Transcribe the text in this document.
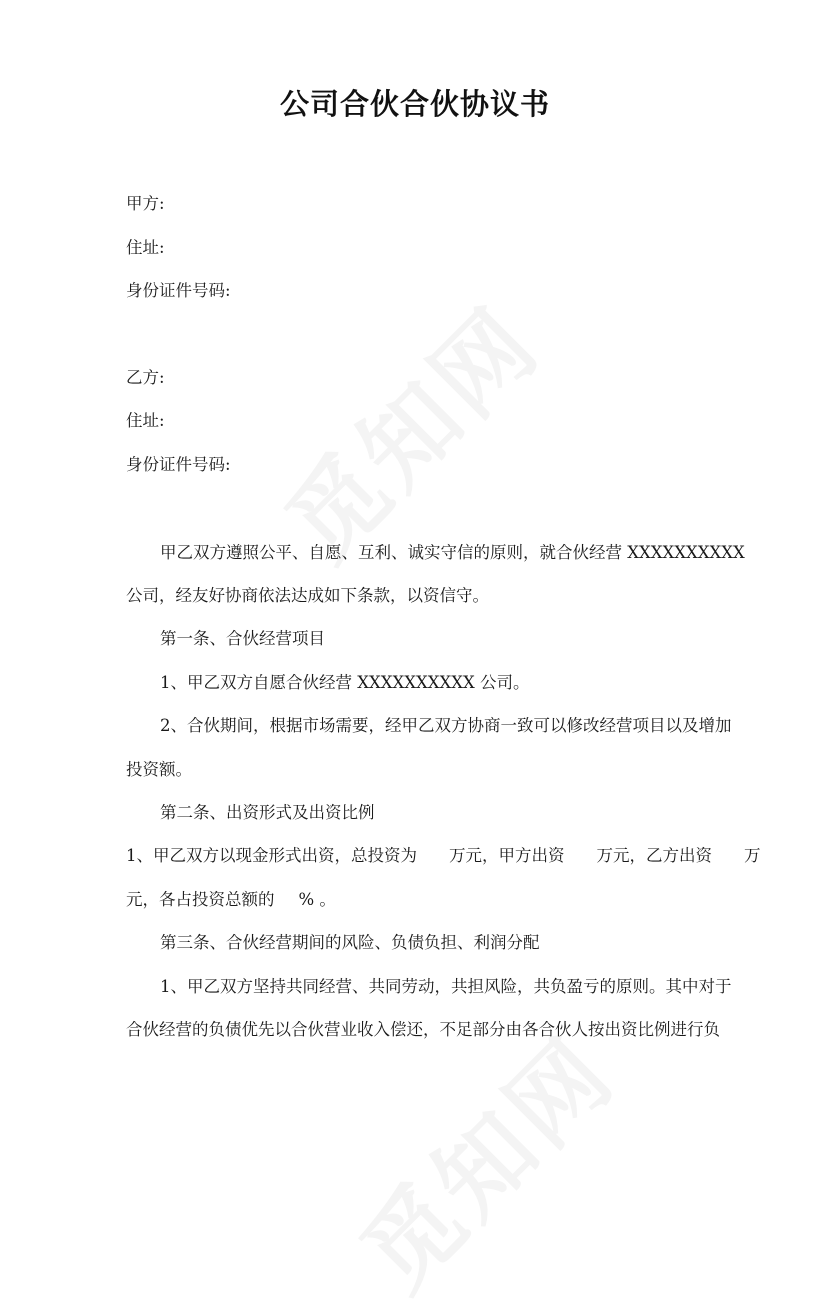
公司合伙合伙协议书
甲方:
住址:
身份证件号码:
乙方:
住址:
身份证件号码:
甲乙双方遵照公平、自愿、互利、诚实守信的原则，就合伙经营 XXXXXXXXXX
公司，经友好协商依法达成如下条款，以资信守。
第一条、合伙经营项目
1、甲乙双方自愿合伙经营 XXXXXXXXXX 公司。
2、合伙期间，根据市场需要，经甲乙双方协商一致可以修改经营项目以及增加
投资额。
第二条、出资形式及出资比例
1、甲乙双方以现金形式出资，总投资为 万元，甲方出资 万元，乙方出资 万
元，各占投资总额的 % 。
第三条、合伙经营期间的风险、负债负担、利润分配
1、甲乙双方坚持共同经营、共同劳动，共担风险，共负盈亏的原则。其中对于
合伙经营的负债优先以合伙营业收入偿还，不足部分由各合伙人按出资比例进行负
